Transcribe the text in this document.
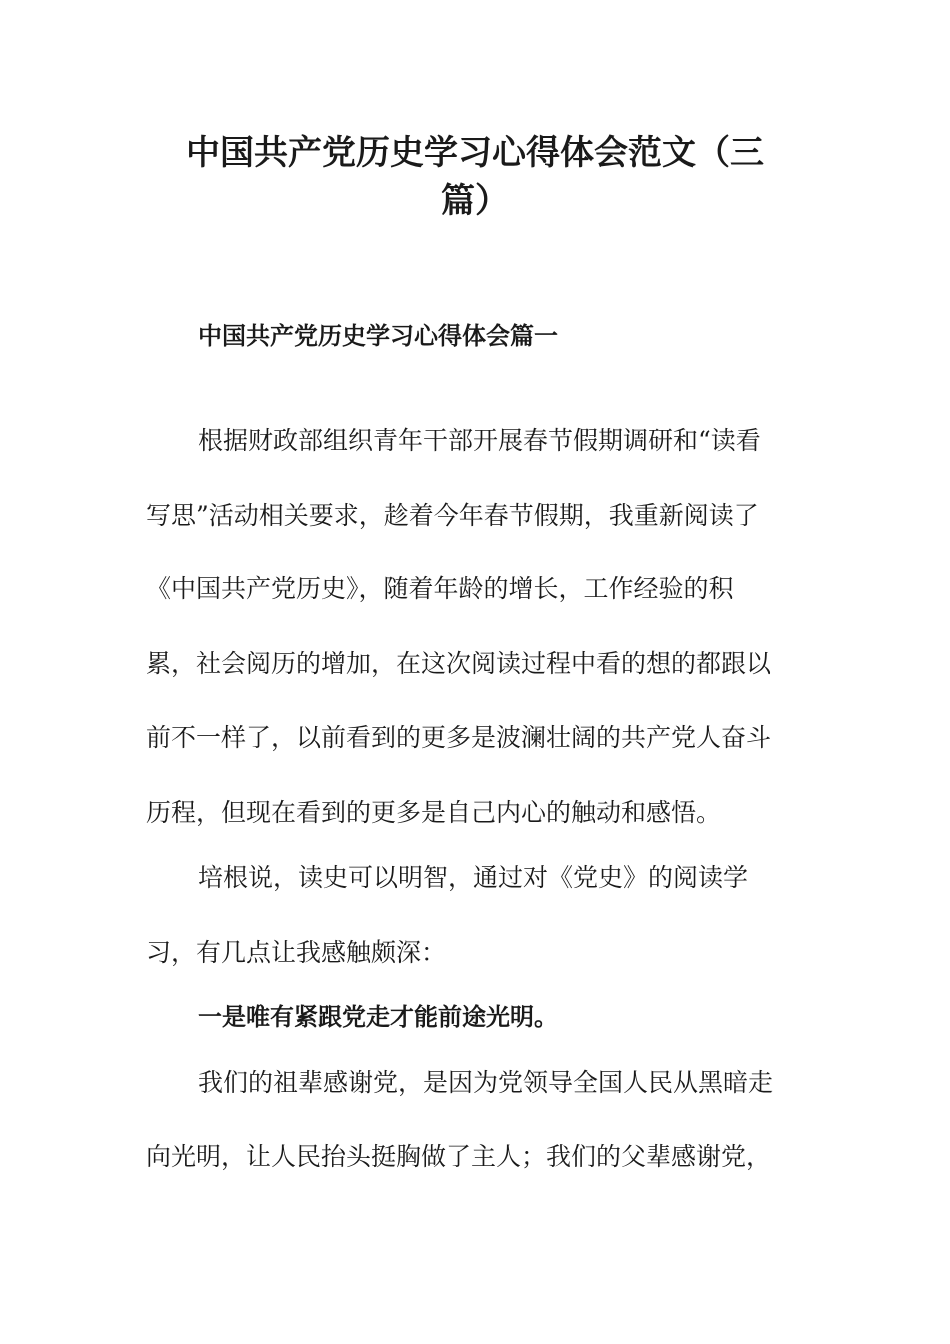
中国共产党历史学习心得体会范文（三
篇）
中国共产党历史学习心得体会篇一
根据财政部组织青年干部开展春节假期调研和“读看
写思”活动相关要求，趁着今年春节假期，我重新阅读了
《中国共产党历史》，随着年龄的增长，工作经验的积
累，社会阅历的增加，在这次阅读过程中看的想的都跟以
前不一样了，以前看到的更多是波澜壮阔的共产党人奋斗
历程，但现在看到的更多是自己内心的触动和感悟。
培根说，读史可以明智，通过对《党史》的阅读学
习，有几点让我感触颇深：
一是唯有紧跟党走才能前途光明。
我们的祖辈感谢党，是因为党领导全国人民从黑暗走
向光明，让人民抬头挺胸做了主人；我们的父辈感谢党，
